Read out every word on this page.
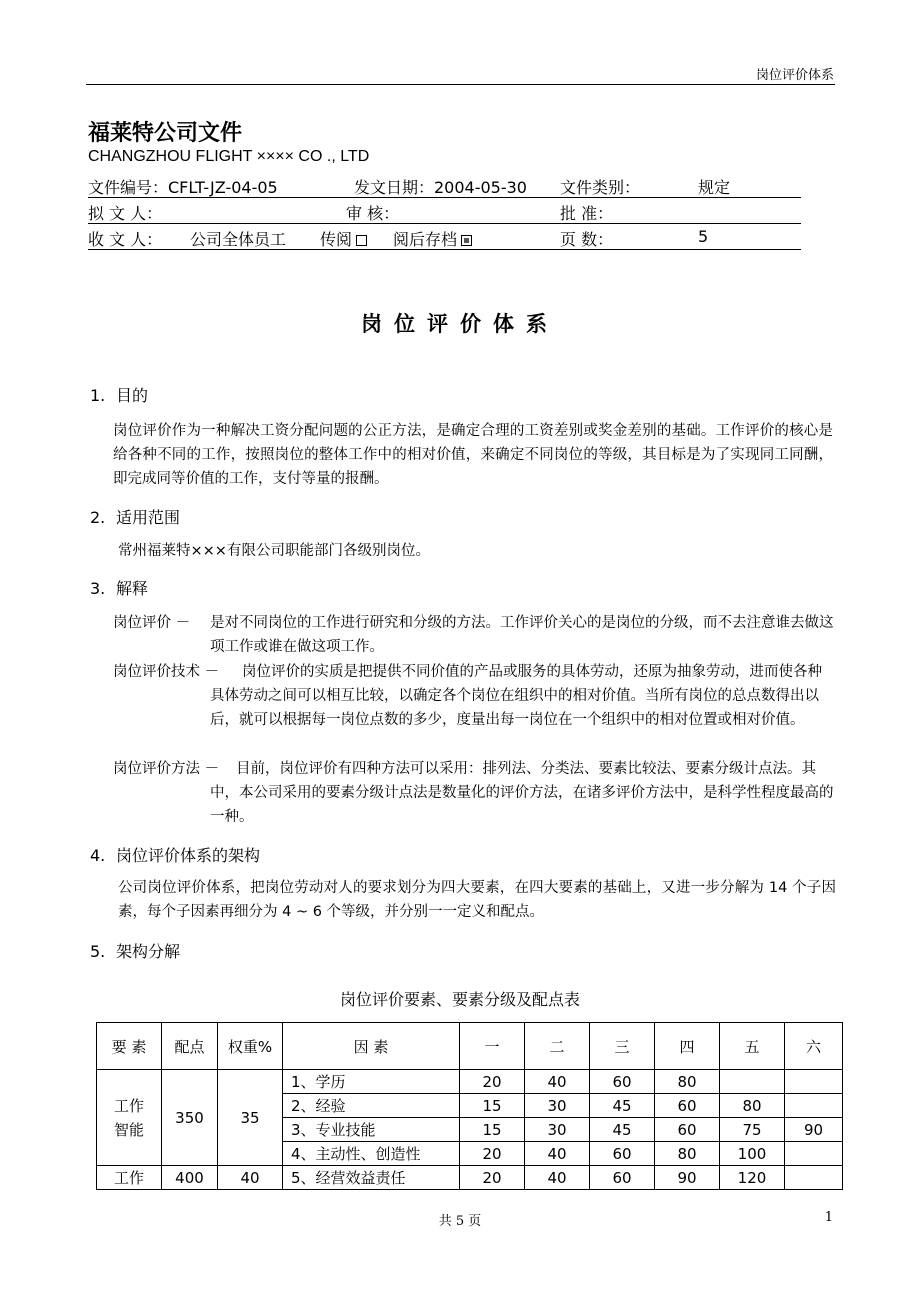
岗位评价体系
福莱特公司文件
CHANGZHOU FLIGHT ×××× CO ., LTD
文件编号：CFLT-JZ-04-05	发文日期：2004-05-30 文件类别：	规定
拟 文 人：	审 核：	批 准：
收 文 人： 公司全体员工 传阅	阅后存档	页 数：	5
岗位评价体系
1. 目的
岗位评价作为一种解决工资分配问题的公正方法，是确定合理的工资差别或奖金差别的基础。工作评价的核心是给各种不同的工作，按照岗位的整体工作中的相对价值，来确定不同岗位的等级，其目标是为了实现同工同酬，即完成同等价值的工作，支付等量的报酬。
2. 适用范围
常州福莱特×××有限公司职能部门各级别岗位。
3. 解释
岗位评价 － 是对不同岗位的工作进行研究和分级的方法。工作评价关心的是岗位的分级，而不去注意谁去做这项工作或谁在做这项工作。
岗位评价技术 －	岗位评价的实质是把提供不同价值的产品或服务的具体劳动，还原为抽象劳动，进而使各种具体劳动之间可以相互比较，以确定各个岗位在组织中的相对价值。当所有岗位的总点数得出以后，就可以根据每一岗位点数的多少，度量出每一岗位在一个组织中的相对位置或相对价值。
岗位评价方法 －	目前，岗位评价有四种方法可以采用：排列法、分类法、要素比较法、要素分级计点法。其中，本公司采用的要素分级计点法是数量化的评价方法，在诸多评价方法中，是科学性程度最高的一种。
4. 岗位评价体系的架构
公司岗位评价体系，把岗位劳动对人的要求划分为四大要素，在四大要素的基础上，又进一步分解为 14 个子因素，每个子因素再细分为 4 ~ 6 个等级，并分别一一定义和配点。
5. 架构分解
岗位评价要素、要素分级及配点表
要 素	配点	权重%	因 素	一	二	三	四	五	六
工作
智能	350	35	1、学历	20	40	60	80		
			2、经验	15	30	45	60	80	
			3、专业技能	15	30	45	60	75	90
			4、主动性、创造性	20	40	60	80	100	
工作	400	40	5、经营效益责任	20	40	60	90	120	
共 5 页	1
